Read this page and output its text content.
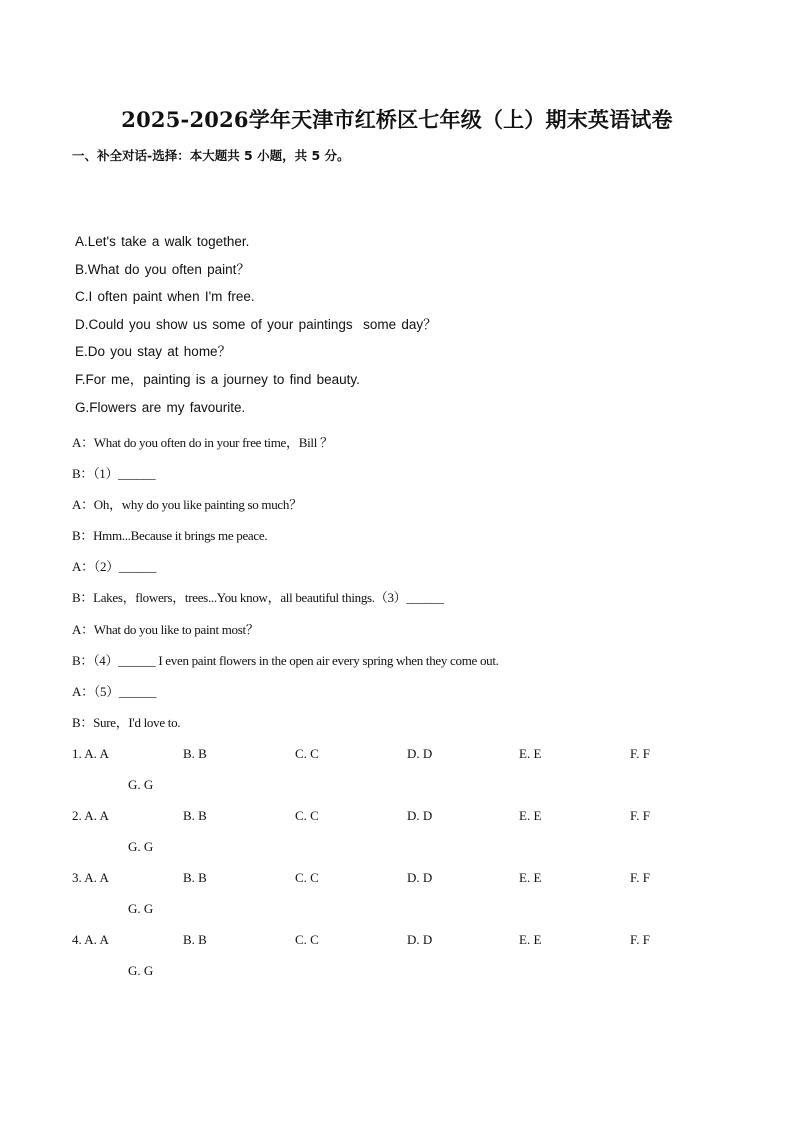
2025-2026学年天津市红桥区七年级（上）期末英语试卷
一、补全对话-选择：本大题共 5 小题，共 5 分。
A.Let's take a walk together.
B.What do you often paint？
C.I often paint when I'm free.
D.Could you show us some of your paintings  some day？
E.Do you stay at home？
F.For me，painting is a journey to find beauty.
G.Flowers are my favourite.
A：What do you often do in your free time，Bill ？
B：（1）______
A：Oh，why do you like painting so much？
B：Hmm...Because it brings me peace.
A：（2）______
B：Lakes，flowers，trees...You know，all beautiful things.（3）______
A：What do you like to paint most？
B：（4）______ I even paint flowers in the open air every spring when they come out.
A：（5）______
B：Sure，I'd love to.
1. A. A	B. B	C. C	D. D	E. E	F. F
G. G
2. A. A	B. B	C. C	D. D	E. E	F. F
G. G
3. A. A	B. B	C. C	D. D	E. E	F. F
G. G
4. A. A	B. B	C. C	D. D	E. E	F. F
G. G
